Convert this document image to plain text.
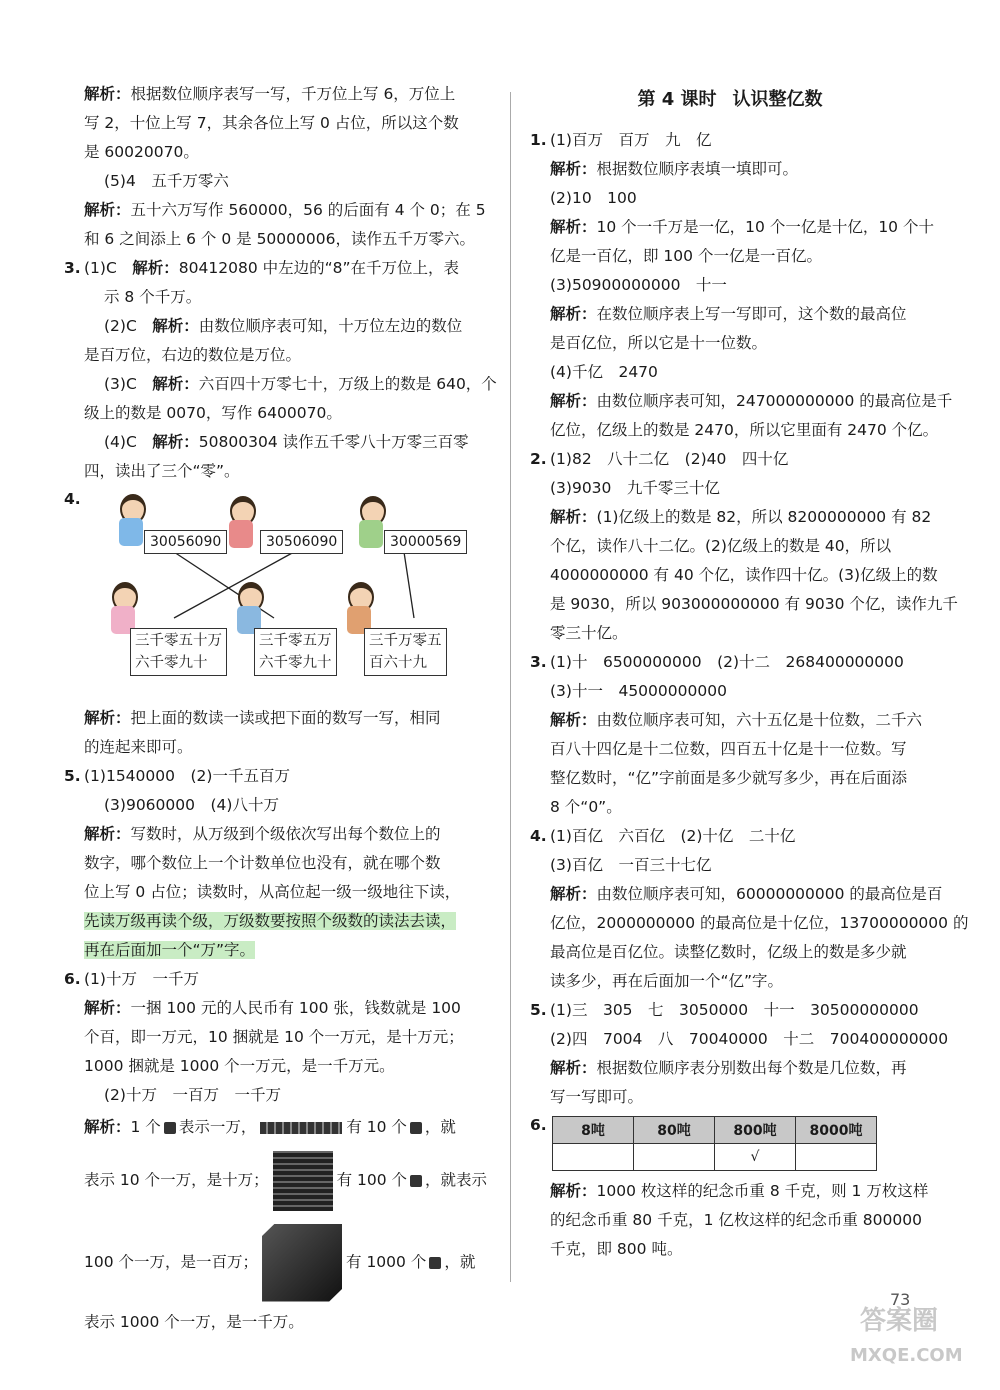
解析：根据数位顺序表写一写，千万位上写 6，万位上

写 2，十位上写 7，其余各位上写 0 占位，所以这个数

是 60020070。

(5)4　五千万零六

解析：五十六万写作 560000，56 的后面有 4 个 0；在 5

和 6 之间添上 6 个 0 是 50000006，读作五千万零六。

3. (1)C　解析：80412080 中左边的“8”在千万位上，表

示 8 个千万。

(2)C　解析：由数位顺序表可知，十万位左边的数位

是百万位，右边的数位是万位。

(3)C　解析：六百四十万零七十，万级上的数是 640，个

级上的数是 0070，写作 6400070。

(4)C　解析：50800304 读作五千零八十万零三百零

四，读出了三个“零”。

4.
30056090	30506090	30000569
三千零五十万
六千零九十
三千零五万
六千零九十
三千万零五
百六十九

解析：把上面的数读一读或把下面的数写一写，相同

的连起来即可。

5. (1)1540000　(2)一千五百万

(3)9060000　(4)八十万

解析：写数时，从万级到个级依次写出每个数位上的

数字，哪个数位上一个计数单位也没有，就在哪个数

位上写 0 占位；读数时，从高位起一级一级地往下读，

先读万级再读个级，万级数要按照个级数的读法去读，

再在后面加一个“万”字。

6. (1)十万　一千万

解析：一捆 100 元的人民币有 100 张，钱数就是 100

个百，即一万元，10 捆就是 10 个一万元，是十万元；

1000 捆就是 1000 个一万元，是一千万元。

(2)十万　一百万　一千万

解析：1 个 表示一万，	有 10 个 ，就

表示 10 个一万，是十万；	有 100 个 ，就表示

100 个一万，是一百万；	有 1000 个 ，就

表示 1000 个一万，是一千万。

第 4 课时 认识整亿数

1. (1)百万　百万　九　亿

解析：根据数位顺序表填一填即可。

(2)10　100

解析：10 个一千万是一亿，10 个一亿是十亿，10 个十

亿是一百亿，即 100 个一亿是一百亿。

(3)50900000000　十一

解析：在数位顺序表上写一写即可，这个数的最高位

是百亿位，所以它是十一位数。

(4)千亿　2470

解析：由数位顺序表可知，247000000000 的最高位是千

亿位，亿级上的数是 2470，所以它里面有 2470 个亿。

2. (1)82　八十二亿　(2)40　四十亿

(3)9030　九千零三十亿

解析：(1)亿级上的数是 82，所以 8200000000 有 82

个亿，读作八十二亿。(2)亿级上的数是 40，所以

4000000000 有 40 个亿，读作四十亿。(3)亿级上的数

是 9030，所以 903000000000 有 9030 个亿，读作九千

零三十亿。

3. (1)十　6500000000　(2)十二　268400000000

(3)十一　45000000000

解析：由数位顺序表可知，六十五亿是十位数，二千六

百八十四亿是十二位数，四百五十亿是十一位数。写

整亿数时，“亿”字前面是多少就写多少，再在后面添

8 个“0”。

4. (1)百亿　六百亿　(2)十亿　二十亿

(3)百亿　一百三十七亿

解析：由数位顺序表可知，60000000000 的最高位是百

亿位，2000000000 的最高位是十亿位，13700000000 的

最高位是百亿位。读整亿数时，亿级上的数是多少就

读多少，再在后面加一个“亿”字。

5. (1)三　305　七　3050000　十一　30500000000

(2)四　7004　八　70040000　十二　700400000000

解析：根据数位顺序表分别数出每个数是几位数，再

写一写即可。

6. 8吨	80吨	800吨	8000吨
		√	

解析：1000 枚这样的纪念币重 8 千克，则 1 万枚这样

的纪念币重 80 千克，1 亿枚这样的纪念币重 800000

千克，即 800 吨。

73
答案圈
MXQE.COM
